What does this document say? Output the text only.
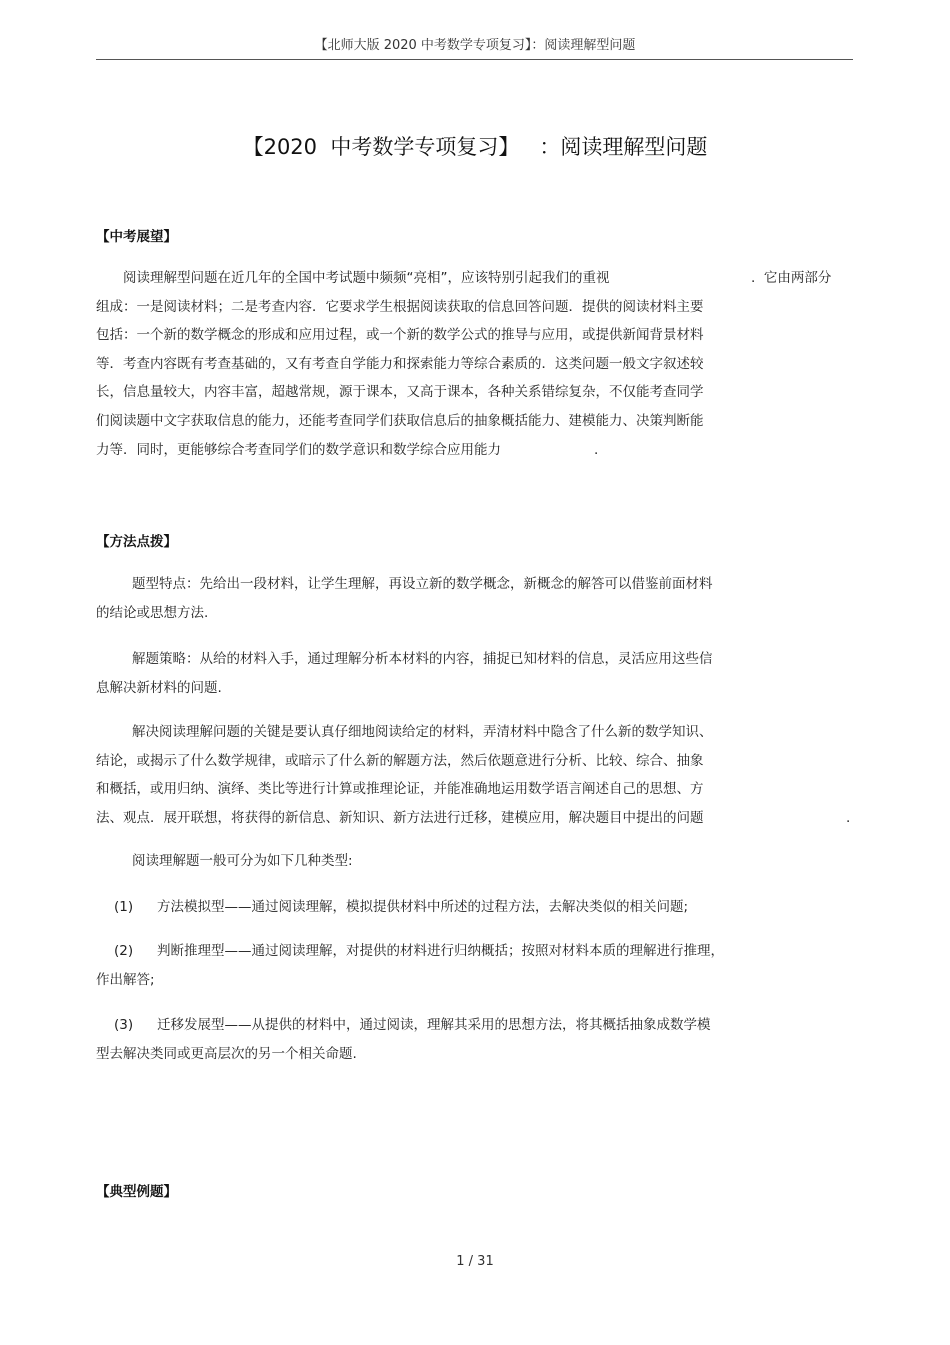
【北师大版 2020 中考数学专项复习】：阅读理解型问题
【2020  中考数学专项复习】   ：阅读理解型问题
【中考展望】
阅读理解型问题在近几年的全国中考试题中频频“亮相”，应该特别引起我们的重视	.  它由两部分
组成：一是阅读材料；二是考查内容．它要求学生根据阅读获取的信息回答问题．提供的阅读材料主要
包括：一个新的数学概念的形成和应用过程，或一个新的数学公式的推导与应用，或提供新闻背景材料
等．考查内容既有考查基础的，又有考查自学能力和探索能力等综合素质的．这类问题一般文字叙述较
长，信息量较大，内容丰富，超越常规，源于课本，又高于课本，各种关系错综复杂，不仅能考查同学
们阅读题中文字获取信息的能力，还能考查同学们获取信息后的抽象概括能力、建模能力、决策判断能
力等．同时，更能够综合考查同学们的数学意识和数学综合应用能力	.
【方法点拨】
题型特点：先给出一段材料，让学生理解，再设立新的数学概念，新概念的解答可以借鉴前面材料
的结论或思想方法.
解题策略：从给的材料入手，通过理解分析本材料的内容，捕捉已知材料的信息，灵活应用这些信
息解决新材料的问题.
解决阅读理解问题的关键是要认真仔细地阅读给定的材料，弄清材料中隐含了什么新的数学知识、
结论，或揭示了什么数学规律，或暗示了什么新的解题方法，然后依题意进行分析、比较、综合、抽象
和概括，或用归纳、演绎、类比等进行计算或推理论证，并能准确地运用数学语言阐述自己的思想、方
法、观点．展开联想，将获得的新信息、新知识、新方法进行迁移，建模应用，解决题目中提出的问题	.
阅读理解题一般可分为如下几种类型:
(1)	方法模拟型——通过阅读理解，模拟提供材料中所述的过程方法，去解决类似的相关问题;
(2)	判断推理型——通过阅读理解，对提供的材料进行归纳概括；按照对材料本质的理解进行推理，
作出解答;
(3)	迁移发展型——从提供的材料中，通过阅读，理解其采用的思想方法，将其概括抽象成数学模
型去解决类同或更高层次的另一个相关命题.
【典型例题】
1 / 31
